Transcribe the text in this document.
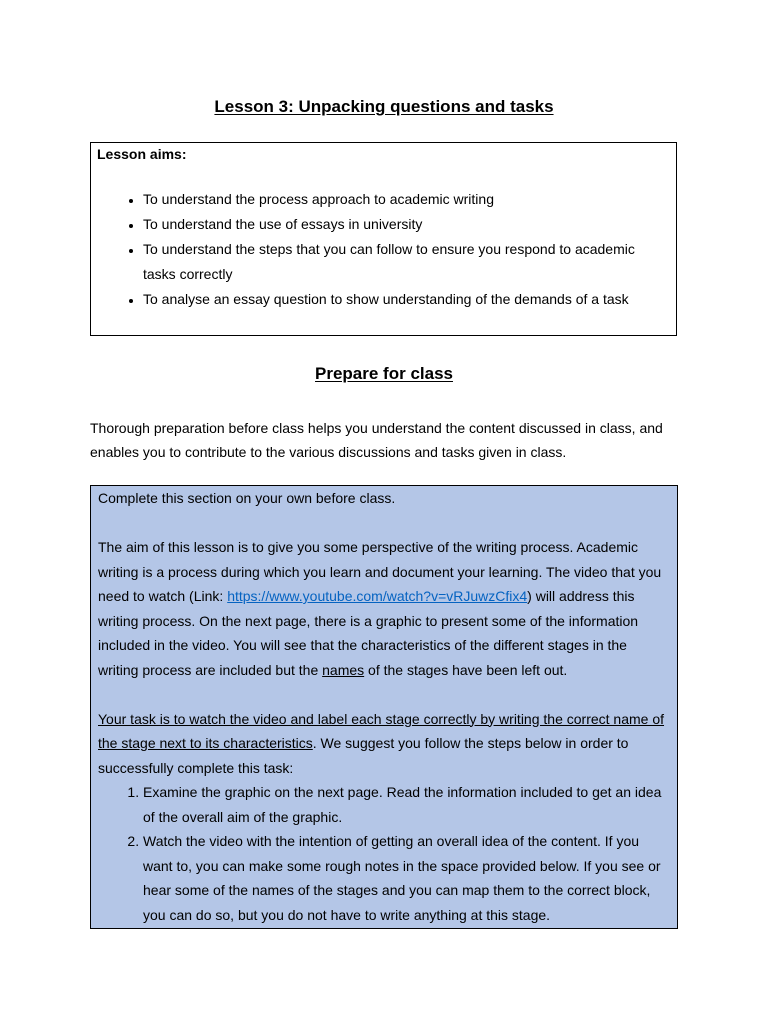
Lesson 3: Unpacking questions and tasks
Lesson aims:
• To understand the process approach to academic writing
• To understand the use of essays in university
• To understand the steps that you can follow to ensure you respond to academic tasks correctly
• To analyse an essay question to show understanding of the demands of a task
Prepare for class

Thorough preparation before class helps you understand the content discussed in class, and enables you to contribute to the various discussions and tasks given in class.

Complete this section on your own before class.

The aim of this lesson is to give you some perspective of the writing process. Academic writing is a process during which you learn and document your learning. The video that you need to watch (Link: https://www.youtube.com/watch?v=vRJuwzCfix4) will address this writing process. On the next page, there is a graphic to present some of the information included in the video. You will see that the characteristics of the different stages in the writing process are included but the names of the stages have been left out.

Your task is to watch the video and label each stage correctly by writing the correct name of the stage next to its characteristics. We suggest you follow the steps below in order to successfully complete this task:

1. Examine the graphic on the next page. Read the information included to get an idea of the overall aim of the graphic.
2. Watch the video with the intention of getting an overall idea of the content. If you want to, you can make some rough notes in the space provided below. If you see or hear some of the names of the stages and you can map them to the correct block, you can do so, but you do not have to write anything at this stage.
